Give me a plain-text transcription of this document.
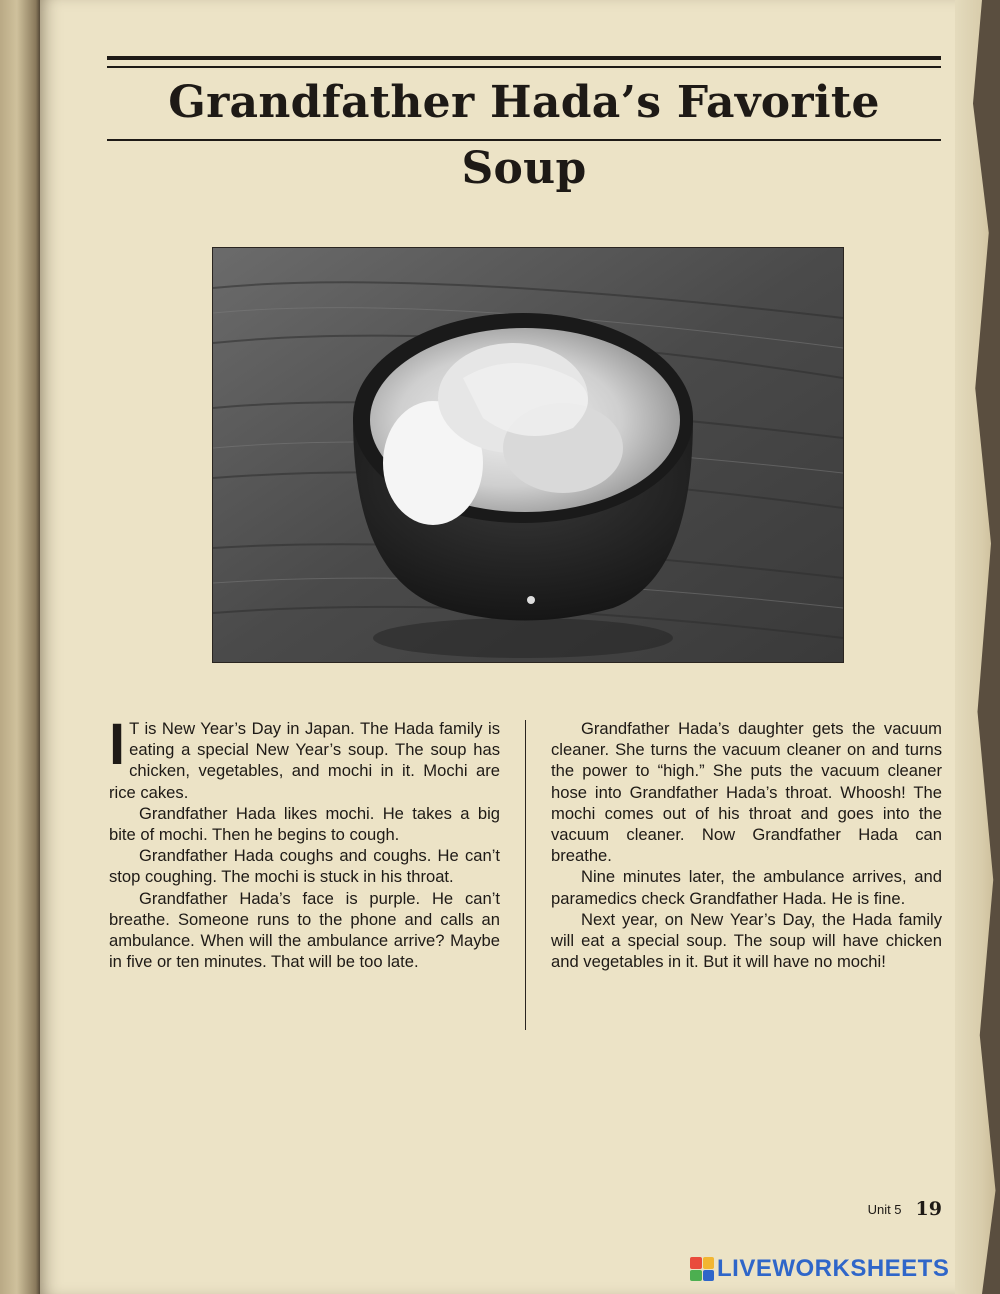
Grandfather Hada’s Favorite Soup

I T is New Year’s Day in Japan. The Hada family is eating a special New Year’s soup. The soup has chicken, vegetables, and mochi in it. Mochi are rice cakes.

Grandfather Hada likes mochi. He takes a big bite of mochi. Then he begins to cough.

Grandfather Hada coughs and coughs. He can’t stop coughing. The mochi is stuck in his throat.

Grandfather Hada’s face is purple. He can’t breathe. Someone runs to the phone and calls an ambulance. When will the ambulance arrive? Maybe in five or ten minutes. That will be too late.

Grandfather Hada’s daughter gets the vacuum cleaner. She turns the vacuum cleaner on and turns the power to “high.” She puts the vacuum cleaner hose into Grandfather Hada’s throat. Whoosh! The mochi comes out of his throat and goes into the vacuum cleaner. Now Grandfather Hada can breathe.

Nine minutes later, the ambulance arrives, and paramedics check Grandfather Hada. He is fine.

Next year, on New Year’s Day, the Hada family will eat a special soup. The soup will have chicken and vegetables in it. But it will have no mochi!

Unit 5 19
LIVEWORKSHEETS
